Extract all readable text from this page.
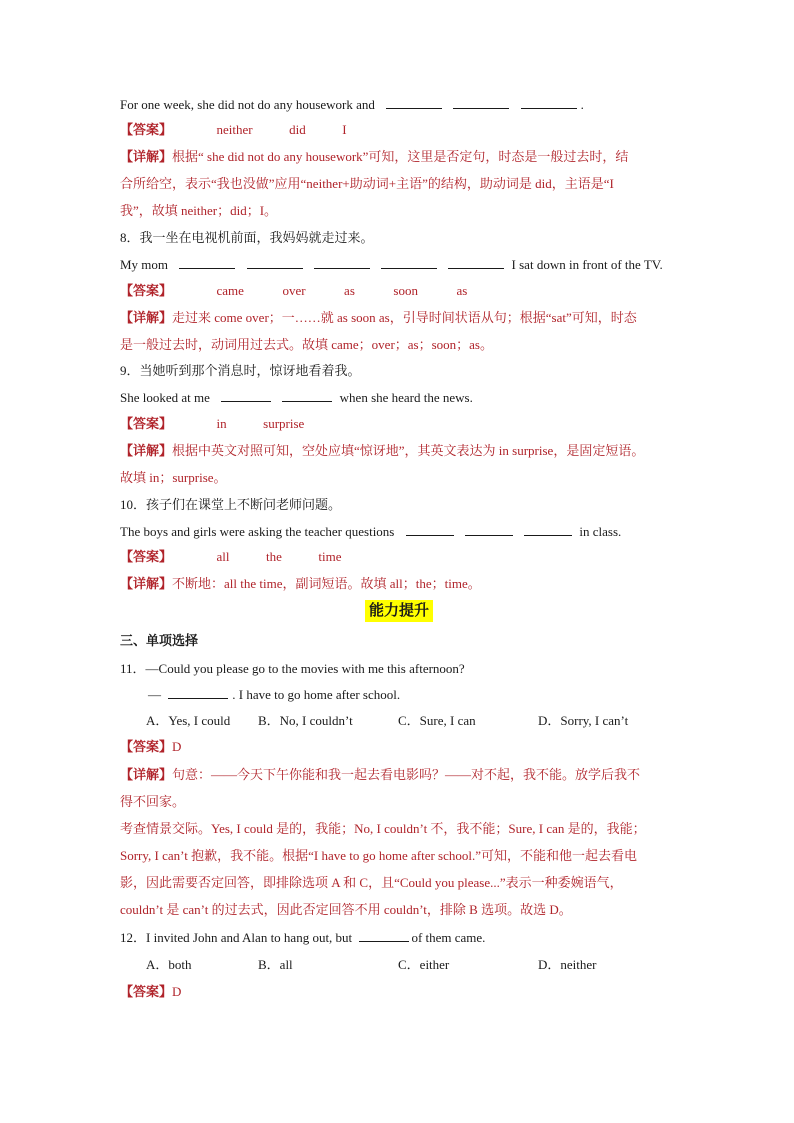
For one week, she did not do any housework and	.
【答案】	neither	did	I
【详解】根据“ she did not do any housework”可知，这里是否定句，时态是一般过去时，结
合所给空，表示“我也没做”应用“neither+助动词+主语”的结构，助动词是 did，主语是“I
我”，故填 neither；did；I。
8．我一坐在电视机前面，我妈妈就走过来。
My mom	I sat down in front of the TV.
【答案】	came	over	as	soon	as
【详解】走过来 come over；一……就 as soon as，引导时间状语从句；根据“sat”可知，时态
是一般过去时，动词用过去式。故填 came；over；as；soon；as。
9．当她听到那个消息时，惊讶地看着我。
She looked at me	when she heard the news.
【答案】	in	surprise
【详解】根据中英文对照可知，空处应填“惊讶地”，其英文表达为 in surprise，是固定短语。
故填 in；surprise。
10．孩子们在课堂上不断问老师问题。
The boys and girls were asking the teacher questions	in class.
【答案】	all	the	time
【详解】不断地：all the time，副词短语。故填 all；the；time。
能力提升
三、单项选择
11．—Could you please go to the movies with me this afternoon?
—	. I have to go home after school.
A．Yes, I could B．No, I couldn’t	C．Sure, I can	D．Sorry, I can’t
【答案】D
【详解】句意：——今天下午你能和我一起去看电影吗？——对不起，我不能。放学后我不
得不回家。
考查情景交际。Yes, I could 是的，我能；No, I couldn’t 不，我不能；Sure, I can 是的，我能；
Sorry, I can’t 抱歉，我不能。根据“I have to go home after school.”可知，不能和他一起去看电
影，因此需要否定回答，即排除选项 A 和 C，且“Could you please...”表示一种委婉语气，
couldn’t 是 can’t 的过去式，因此否定回答不用 couldn’t，排除 B 选项。故选 D。
12．I invited John and Alan to hang out, but	of them came.
A．both	B．all	C．either	D．neither
【答案】D
